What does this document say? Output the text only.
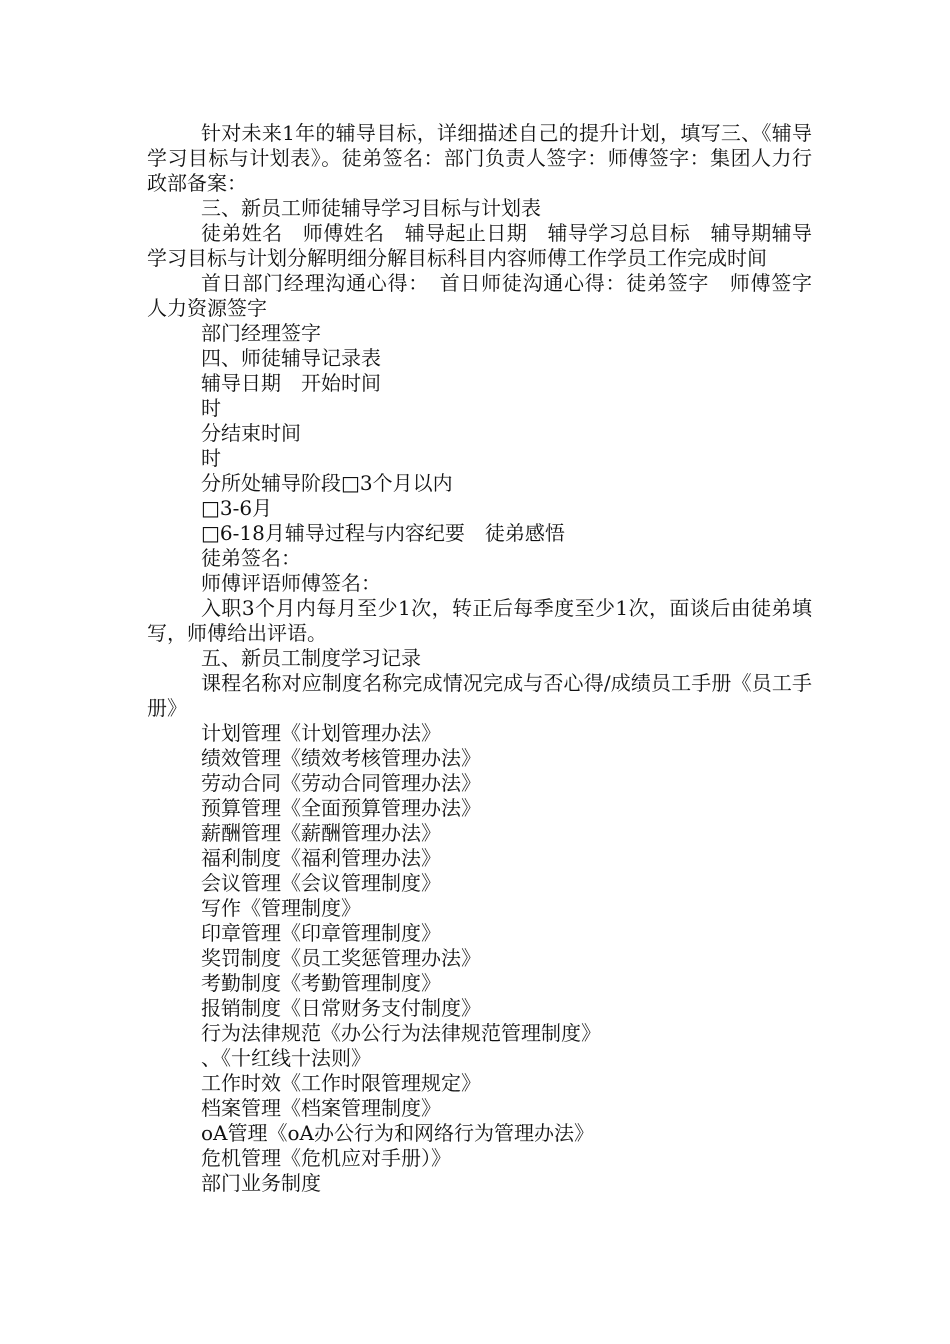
针对未来1年的辅导目标，详细描述自己的提升计划，填写三、《辅导学习目标与计划表》。徒弟签名：部门负责人签字：师傅签字：集团人力行政部备案：

三、新员工师徒辅导学习目标与计划表

徒弟姓名　师傅姓名　辅导起止日期　辅导学习总目标　辅导期辅导学习目标与计划分解明细分解目标科目内容师傅工作学员工作完成时间

首日部门经理沟通心得：　首日师徒沟通心得：徒弟签字　师傅签字　人力资源签字

部门经理签字

四、师徒辅导记录表

辅导日期　开始时间

时

分结束时间

时

分所处辅导阶段□3个月以内

□3-6月

□6-18月辅导过程与内容纪要　徒弟感悟

徒弟签名：

师傅评语师傅签名：

入职3个月内每月至少1次，转正后每季度至少1次，面谈后由徒弟填写，师傅给出评语。

五、新员工制度学习记录

课程名称对应制度名称完成情况完成与否心得/成绩员工手册《员工手册》

计划管理《计划管理办法》

绩效管理《绩效考核管理办法》

劳动合同《劳动合同管理办法》

预算管理《全面预算管理办法》

薪酬管理《薪酬管理办法》

福利制度《福利管理办法》

会议管理《会议管理制度》

写作《管理制度》

印章管理《印章管理制度》

奖罚制度《员工奖惩管理办法》

考勤制度《考勤管理制度》

报销制度《日常财务支付制度》

行为法律规范《办公行为法律规范管理制度》

、《十红线十法则》

工作时效《工作时限管理规定》

档案管理《档案管理制度》

oA管理《oA办公行为和网络行为管理办法》

危机管理《危机应对手册）》

部门业务制度
